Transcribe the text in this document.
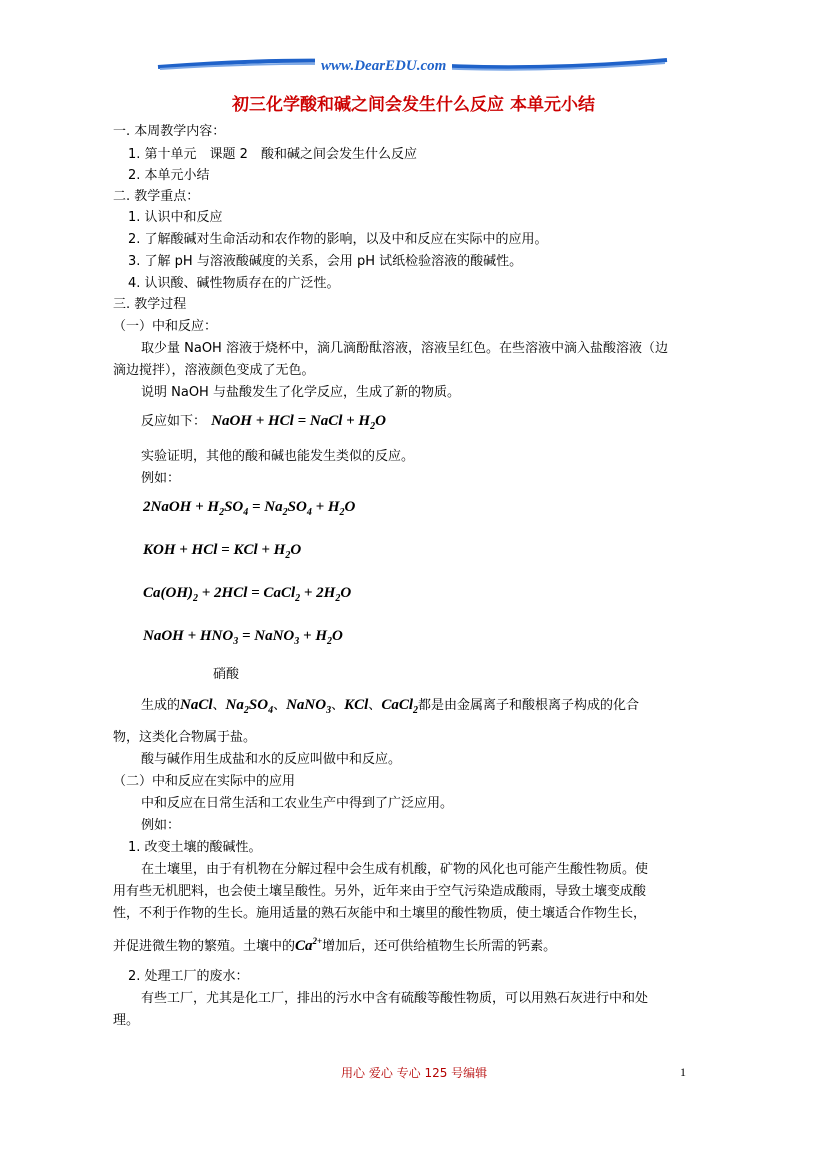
www.DearEDU.com
初三化学酸和碱之间会发生什么反应 本单元小结
一. 本周教学内容：
1. 第十单元　课题 2　酸和碱之间会发生什么反应
2. 本单元小结
二. 教学重点：
1. 认识中和反应
2. 了解酸碱对生命活动和农作物的影响，以及中和反应在实际中的应用。
3. 了解 pH 与溶液酸碱度的关系，会用 pH 试纸检验溶液的酸碱性。
4. 认识酸、碱性物质存在的广泛性。
三. 教学过程
（一）中和反应：
取少量 NaOH 溶液于烧杯中，滴几滴酚酞溶液，溶液呈红色。在些溶液中滴入盐酸溶液（边
滴边搅拌），溶液颜色变成了无色。
说明 NaOH 与盐酸发生了化学反应，生成了新的物质。
反应如下： NaOH + HCl = NaCl + $H_2O$
实验证明，其他的酸和碱也能发生类似的反应。
例如：
2NaOH + $H_2SO_4 = Na_2SO_4 + H_2O$
KOH + HCl = KCl + $H_2O$
$Ca(OH)_2 + 2HCl$ = CaCl$_2$ + $2H_2O$
NaOH + $HNO_3$ = NaNO$_3$ + $H_2O$
硝酸
生成的NaCl、$Na_2SO_4$、NaNO$_3$、KCl、CaCl$_2$都是由金属离子和酸根离子构成的化合
物，这类化合物属于盐。
酸与碱作用生成盐和水的反应叫做中和反应。
（二）中和反应在实际中的应用
中和反应在日常生活和工农业生产中得到了广泛应用。
例如：
1. 改变土壤的酸碱性。
在土壤里，由于有机物在分解过程中会生成有机酸，矿物的风化也可能产生酸性物质。使
用有些无机肥料，也会使土壤呈酸性。另外，近年来由于空气污染造成酸雨，导致土壤变成酸
性，不利于作物的生长。施用适量的熟石灰能中和土壤里的酸性物质，使土壤适合作物生长，
并促进微生物的繁殖。土壤中的$Ca^{2+}$增加后，还可供给植物生长所需的钙素。
2. 处理工厂的废水：
有些工厂，尤其是化工厂，排出的污水中含有硫酸等酸性物质，可以用熟石灰进行中和处
理。
用心 爱心 专心 125 号编辑	1
